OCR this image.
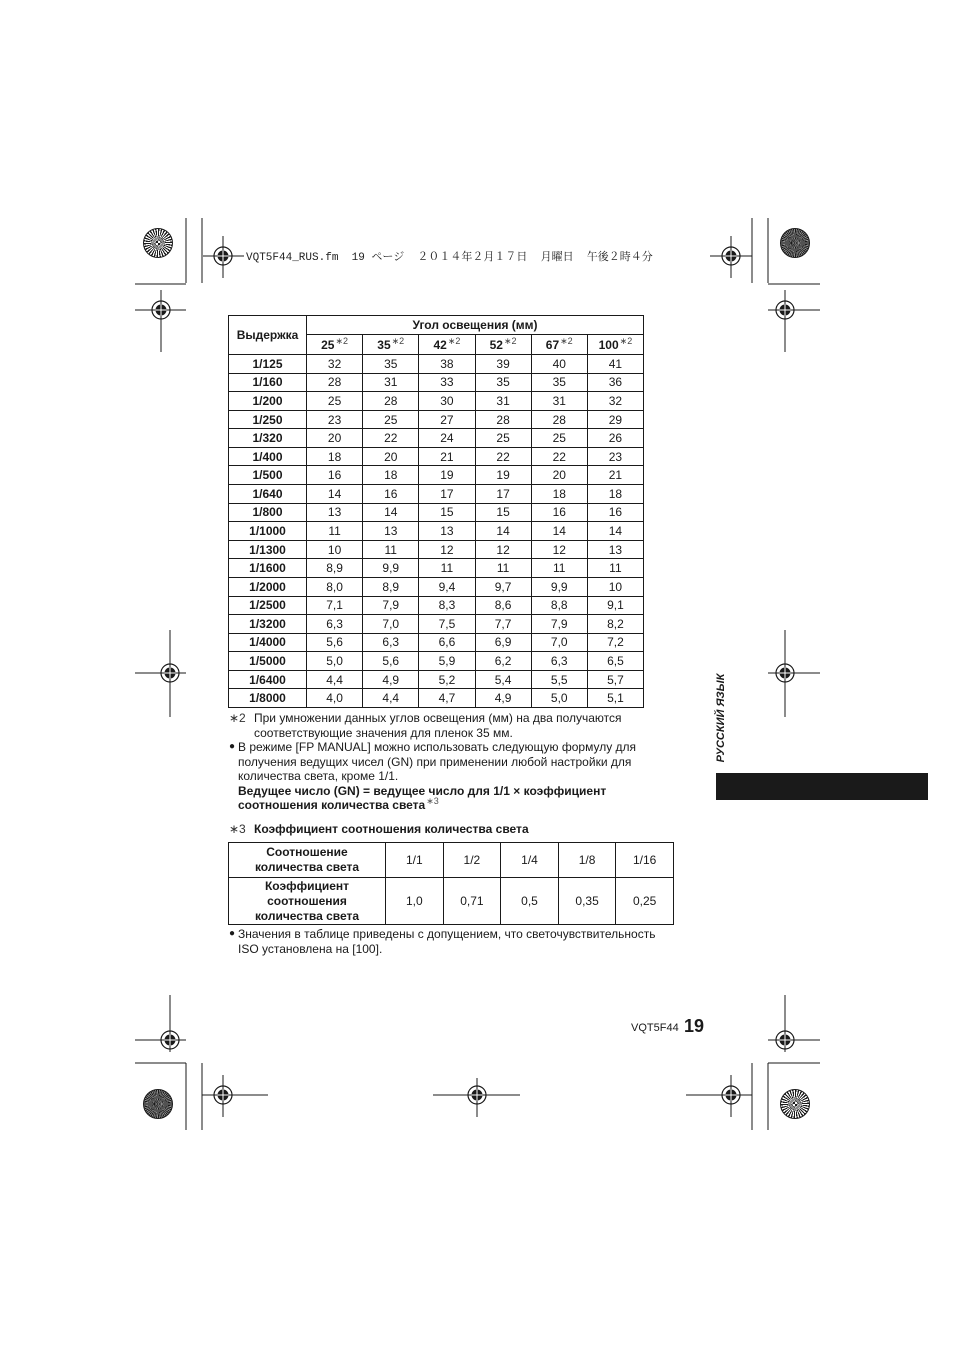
VQT5F44_RUS.fm  19 ページ  ２０１４年２月１７日  月曜日  午後２時４分
Выдержка
Угол освещения (мм)
$25^{∗2}$ $35^{∗2}$ $42^{∗2}$ $52^{∗2}$ $67^{∗2}$ $100^{∗2}$
1/125	32	35	38	39	40	41
1/160	28	31	33	35	35	36
1/200	25	28	30	31	31	32
1/250	23	25	27	28	28	29
1/320	20	22	24	25	25	26
1/400	18	20	21	22	22	23
1/500	16	18	19	19	20	21
1/640	14	16	17	17	18	18
1/800	13	14	15	15	16	16
1/1000	11	13	13	14	14	14
1/1300	10	11	12	12	12	13
1/1600	8,9	9,9	11	11	11	11
1/2000	8,0	8,9	9,4	9,7	9,9	10
1/2500	7,1	7,9	8,3	8,6	8,8	9,1
1/3200	6,3	7,0	7,5	7,7	7,9	8,2
1/4000	5,6	6,3	6,6	6,9	7,0	7,2
1/5000	5,0	5,6	5,9	6,2	6,3	6,5
1/6400	4,4	4,9	5,2	5,4	5,5	5,7
1/8000	4,0	4,4	4,7	4,9	5,0	5,1
∗2 При умножении данных углов освещения (мм) на два получаются
соответствующие значения для пленок 35 мм.
● В режиме [FP MANUAL] можно использовать следующую формулу для
получения ведущих чисел (GN) при применении любой настройки для
количества света, кроме 1/1.
Ведущее число (GN) = ведущее число для 1/1 × коэффициент
соотношения количества света$^{∗3}$
∗3 Коэффициент соотношения количества света
Соотношение
количества света	1/1	1/2	1/4	1/8	1/16
Коэффициент
соотношения
количества света
1,0	0,71	0,5	0,35	0,25
● Значения в таблице приведены с допущением, что светочувствительность
ISO установлена на [100].
РУССКИЙ ЯЗЫК
VQT5F44 19
